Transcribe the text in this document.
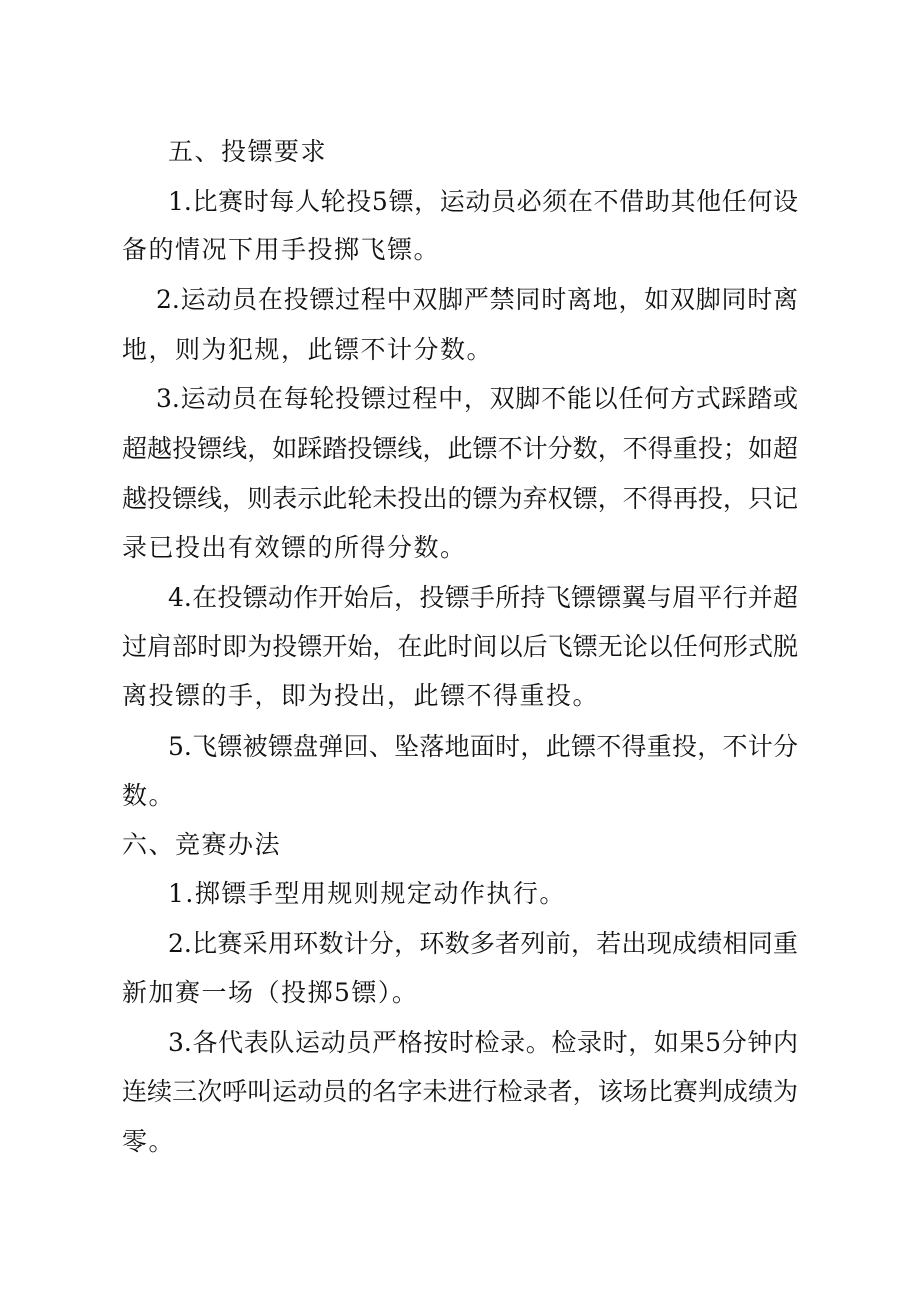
五、投镖要求
1.比赛时每人轮投5镖，运动员必须在不借助其他任何设
备的情况下用手投掷飞镖。
2.运动员在投镖过程中双脚严禁同时离地，如双脚同时离
地，则为犯规，此镖不计分数。
3.运动员在每轮投镖过程中，双脚不能以任何方式踩踏或
超越投镖线，如踩踏投镖线，此镖不计分数，不得重投；如超
越投镖线，则表示此轮未投出的镖为弃权镖，不得再投，只记
录已投出有效镖的所得分数。
4.在投镖动作开始后，投镖手所持飞镖镖翼与眉平行并超
过肩部时即为投镖开始，在此时间以后飞镖无论以任何形式脱
离投镖的手，即为投出，此镖不得重投。
5.飞镖被镖盘弹回、坠落地面时，此镖不得重投，不计分
数。
六、竞赛办法
1.掷镖手型用规则规定动作执行。
2.比赛采用环数计分，环数多者列前，若出现成绩相同重
新加赛一场（投掷5镖）。
3.各代表队运动员严格按时检录。检录时，如果5分钟内
连续三次呼叫运动员的名字未进行检录者，该场比赛判成绩为
零。
